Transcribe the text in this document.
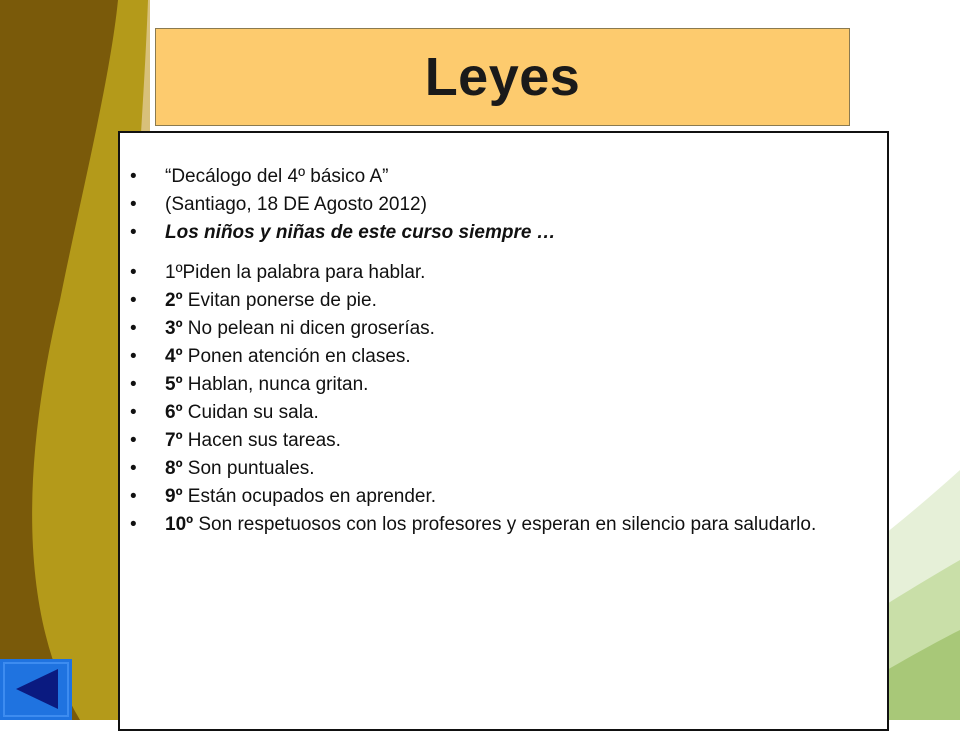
Leyes
• “Decálogo del 4º básico A”
• (Santiago, 18 DE Agosto 2012)
• Los niños y niñas de este curso siempre …
• 1ºPiden la palabra para hablar.
• 2º Evitan ponerse de pie.
• 3º No pelean ni dicen groserías.
• 4º Ponen atención en clases.
• 5º Hablan, nunca gritan.
• 6º Cuidan su sala.
• 7º Hacen sus tareas.
• 8º Son puntuales.
• 9º Están ocupados en aprender.
• 10º Son respetuosos con los profesores y esperan en silencio para saludarlo.
